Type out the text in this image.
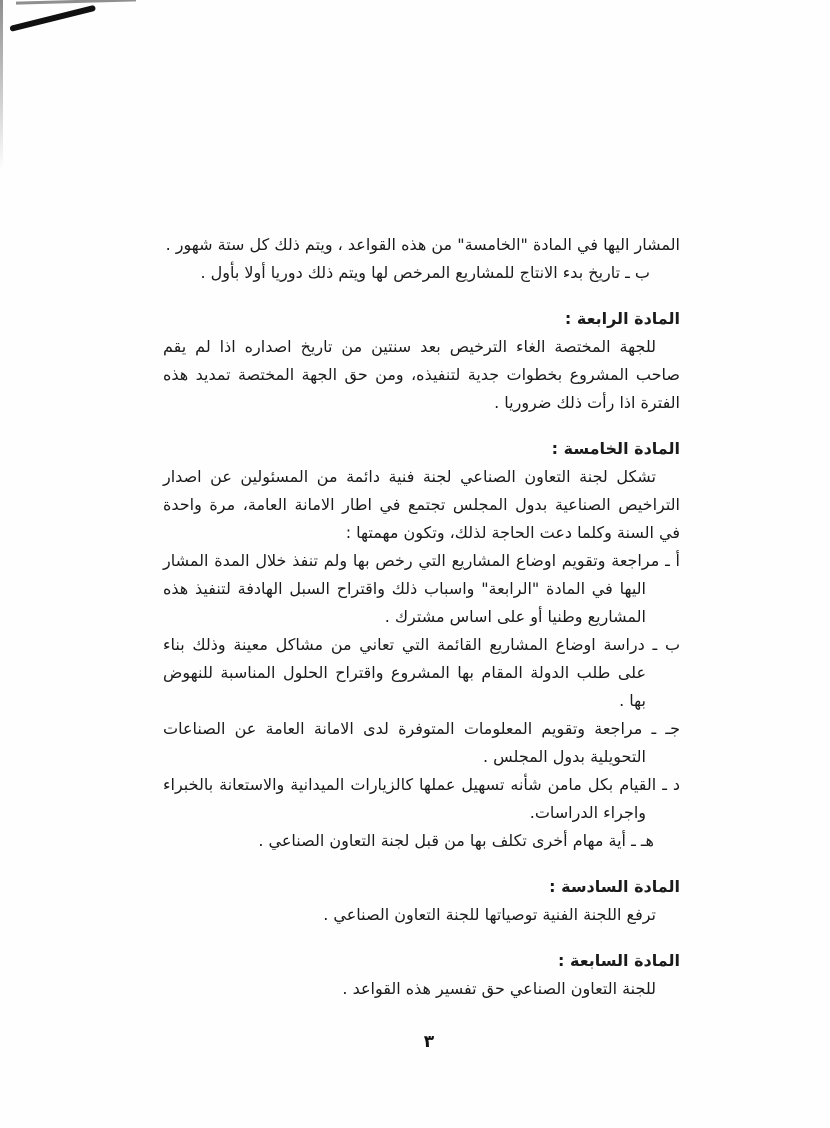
المشار اليها في المادة "الخامسة" من هذه القواعد ، ويتم ذلك كل ستة شهور .

ب ـ تاريخ بدء الانتاج للمشاريع المرخص لها ويتم ذلك دوريا أولا بأول .

المادة الرابعة :

للجهة المختصة الغاء الترخيص بعد سنتين من تاريخ اصداره اذا لم يقم صاحب المشروع بخطوات جدية لتنفيذه، ومن حق الجهة المختصة تمديد هذه الفترة اذا رأت ذلك ضروريا .

المادة الخامسة :

تشكل لجنة التعاون الصناعي لجنة فنية دائمة من المسئولين عن اصدار التراخيص الصناعية بدول المجلس تجتمع في اطار الامانة العامة، مرة واحدة في السنة وكلما دعت الحاجة لذلك، وتكون مهمتها :

أ ـ مراجعة وتقويم اوضاع المشاريع التي رخص بها ولم تنفذ خلال المدة المشار اليها في المادة "الرابعة" واسباب ذلك واقتراح السبل الهادفة لتنفيذ هذه المشاريع وطنيا أو على اساس مشترك .

ب ـ دراسة اوضاع المشاريع القائمة التي تعاني من مشاكل معينة وذلك بناء على طلب الدولة المقام بها المشروع واقتراح الحلول المناسبة للنهوض بها .

جـ ـ مراجعة وتقويم المعلومات المتوفرة لدى الامانة العامة عن الصناعات التحويلية بدول المجلس .

د ـ القيام بكل مامن شأنه تسهيل عملها كالزيارات الميدانية والاستعانة بالخبراء واجراء الدراسات.

هـ ـ أية مهام أخرى تكلف بها من قبل لجنة التعاون الصناعي .

المادة السادسة :

ترفع اللجنة الفنية توصياتها للجنة التعاون الصناعي .

المادة السابعة :

للجنة التعاون الصناعي حق تفسير هذه القواعد .

٣
